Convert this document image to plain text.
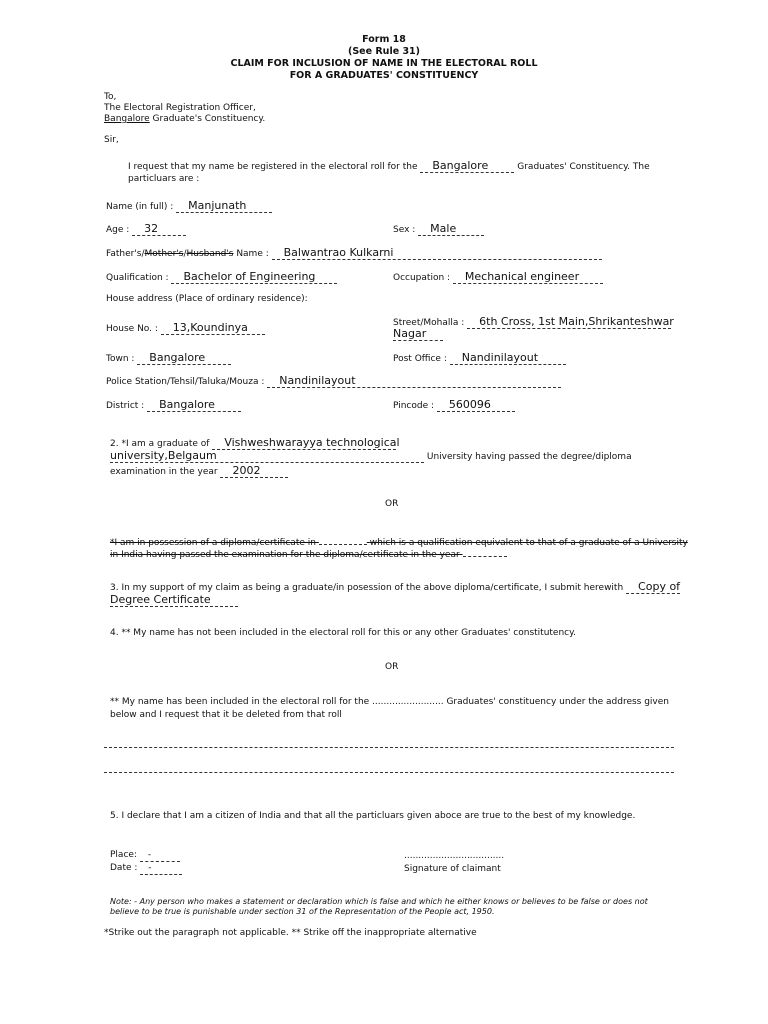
Form 18
(See Rule 31)
CLAIM FOR INCLUSION OF NAME IN THE ELECTORAL ROLL
FOR A GRADUATES' CONSTITUENCY
To,
The Electoral Registration Officer,
Bangalore Graduate's Constituency.
Sir,
I request that my name be registered in the electoral roll for the Bangalore	Graduates' Constituency. The
particluars are :
Name (in full) : Manjunath
Age : 32	Sex : Male
Father's/Mother's/Husband's Name : Balwantrao Kulkarni
Qualification : Bachelor of Engineering	Occupation : Mechanical engineer
House address (Place of ordinary residence):
House No. : 13,Koundinya	Street/Mohalla : 6th Cross, 1st Main,Shrikanteshwar
Nagar
Town : Bangalore	Post Office : Nandinilayout
Police Station/Tehsil/Taluka/Mouza : Nandinilayout
District : Bangalore	Pincode : 560096
2. *I am a graduate of Vishweshwarayya technological
university,Belgaum	University having passed the degree/diploma
examination in the year 2002
OR
*I am in possession of a diploma/certificate in	which is a qualification equivalent to that of a graduate of a University
in India having passed the examination for the diploma/certificate in the year
3. In my support of my claim as being a graduate/in posession of the above diploma/certificate, I submit herewith Copy of
Degree Certificate
4. ** My name has not been included in the electoral roll for this or any other Graduates' constitutency.
OR
** My name has been included in the electoral roll for the ......................... Graduates' constituency under the address given
below and I request that it be deleted from that roll
5. I declare that I am a citizen of India and that all the particluars given aboce are true to the best of my knowledge.
Place: -
Date : -
...................................
Signature of claimant
Note: - Any person who makes a statement or declaration which is false and which he either knows or believes to be false or does not believe to be true is punishable under section 31 of the Representation of the People act, 1950.
*Strike out the paragraph not applicable. ** Strike off the inappropriate alternative
